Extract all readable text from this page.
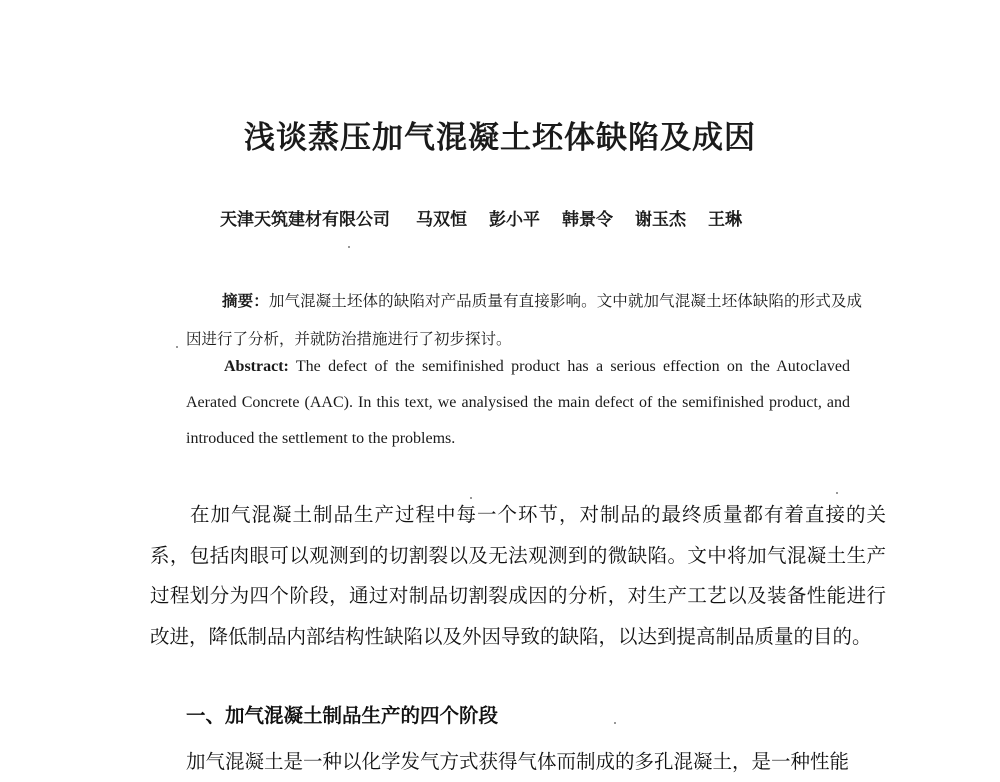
浅谈蒸压加气混凝土坯体缺陷及成因
天津天筑建材有限公司 马双恒 彭小平 韩景令 谢玉杰 王琳
摘要：加气混凝土坯体的缺陷对产品质量有直接影响。文中就加气混凝土坯体缺陷的形式及成因进行了分析，并就防治措施进行了初步探讨。
Abstract: The defect of the semifinished product has a serious effection on the Autoclaved Aerated Concrete (AAC). In this text, we analysised the main defect of the semifinished product, and introduced the settlement to the problems.
在加气混凝土制品生产过程中每一个环节，对制品的最终质量都有着直接的关系，包括肉眼可以观测到的切割裂以及无法观测到的微缺陷。文中将加气混凝土生产过程划分为四个阶段，通过对制品切割裂成因的分析，对生产工艺以及装备性能进行改进，降低制品内部结构性缺陷以及外因导致的缺陷，以达到提高制品质量的目的。
一、加气混凝土制品生产的四个阶段
加气混凝土是一种以化学发气方式获得气体而制成的多孔混凝土，是一种性能
